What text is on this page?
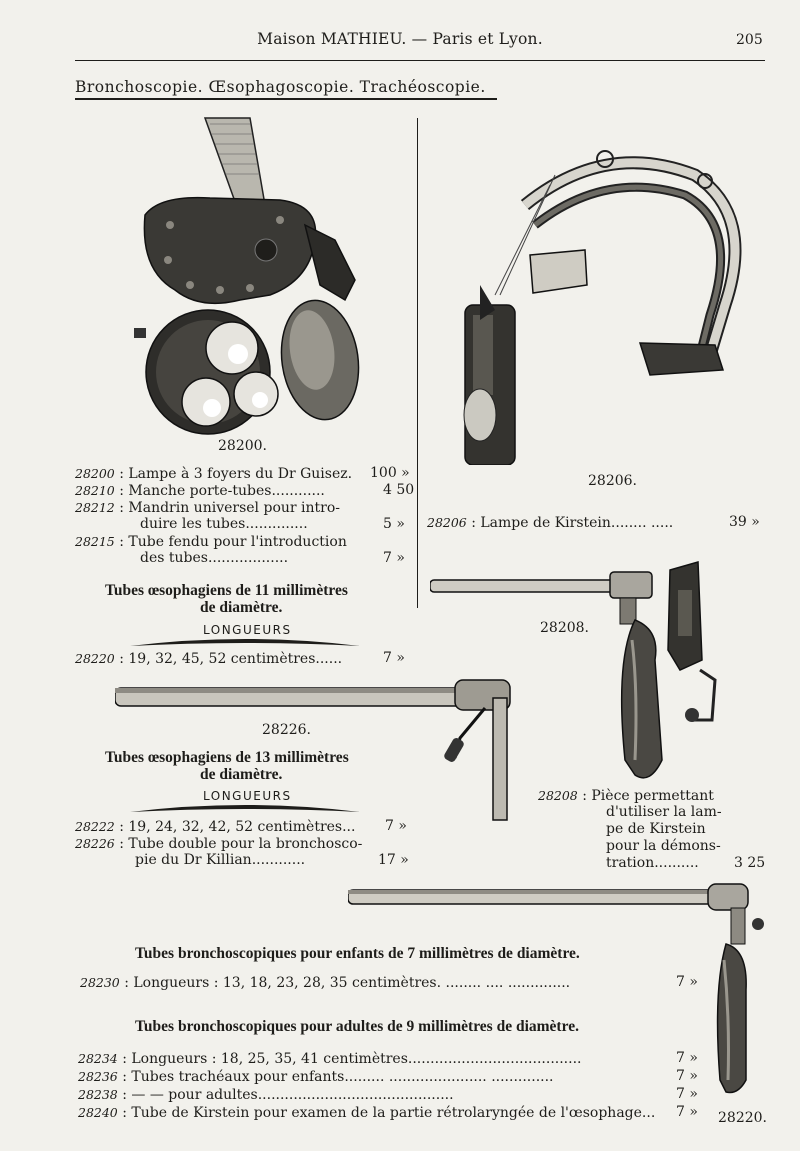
Maison MATHIEU. — Paris et Lyon.	205
Bronchoscopie. Œsophagoscopie. Trachéoscopie.
28200.
28206.
28200 : Lampe à 3 foyers du Dr Guisez. 100 »
28210 : Manche porte-tubes............	4 50
28212 : Mandrin universel pour intro-
duire les tubes..............	5 »
28215 : Tube fendu pour l'introduction
des tubes..................	7 »
Tubes œsophagiens de 11 millimètres
de diamètre.
LONGUEURS
28220 : 19, 32, 45, 52 centimètres......	7 »
28208.
28226.
Tubes œsophagiens de 13 millimètres
de diamètre.
LONGUEURS
28222 : 19, 24, 32, 42, 52 centimètres... 7 »
28226 : Tube double pour la bronchosco-
pie du Dr Killian............	17 »
28206 : Lampe de Kirstein........ .....	39 »
28208 : Pièce permettant
d'utiliser la lam-
pe de Kirstein
pour la démons-
tration..........	3 25
Tubes bronchoscopiques pour enfants de 7 millimètres de diamètre.
28230 : Longueurs : 13, 18, 23, 28, 35 centimètres. ........ .... ..............	7 »
Tubes bronchoscopiques pour adultes de 9 millimètres de diamètre.
28234 : Longueurs : 18, 25, 35, 41 centimètres.......................................	7 »
28236 : Tubes trachéaux pour enfants......... ...................... ..............	7 »
28238 : — — pour adultes............................................	7 »
28240 : Tube de Kirstein pour examen de la partie rétrolaryngée de l'œsophage... 7 » 28220.
